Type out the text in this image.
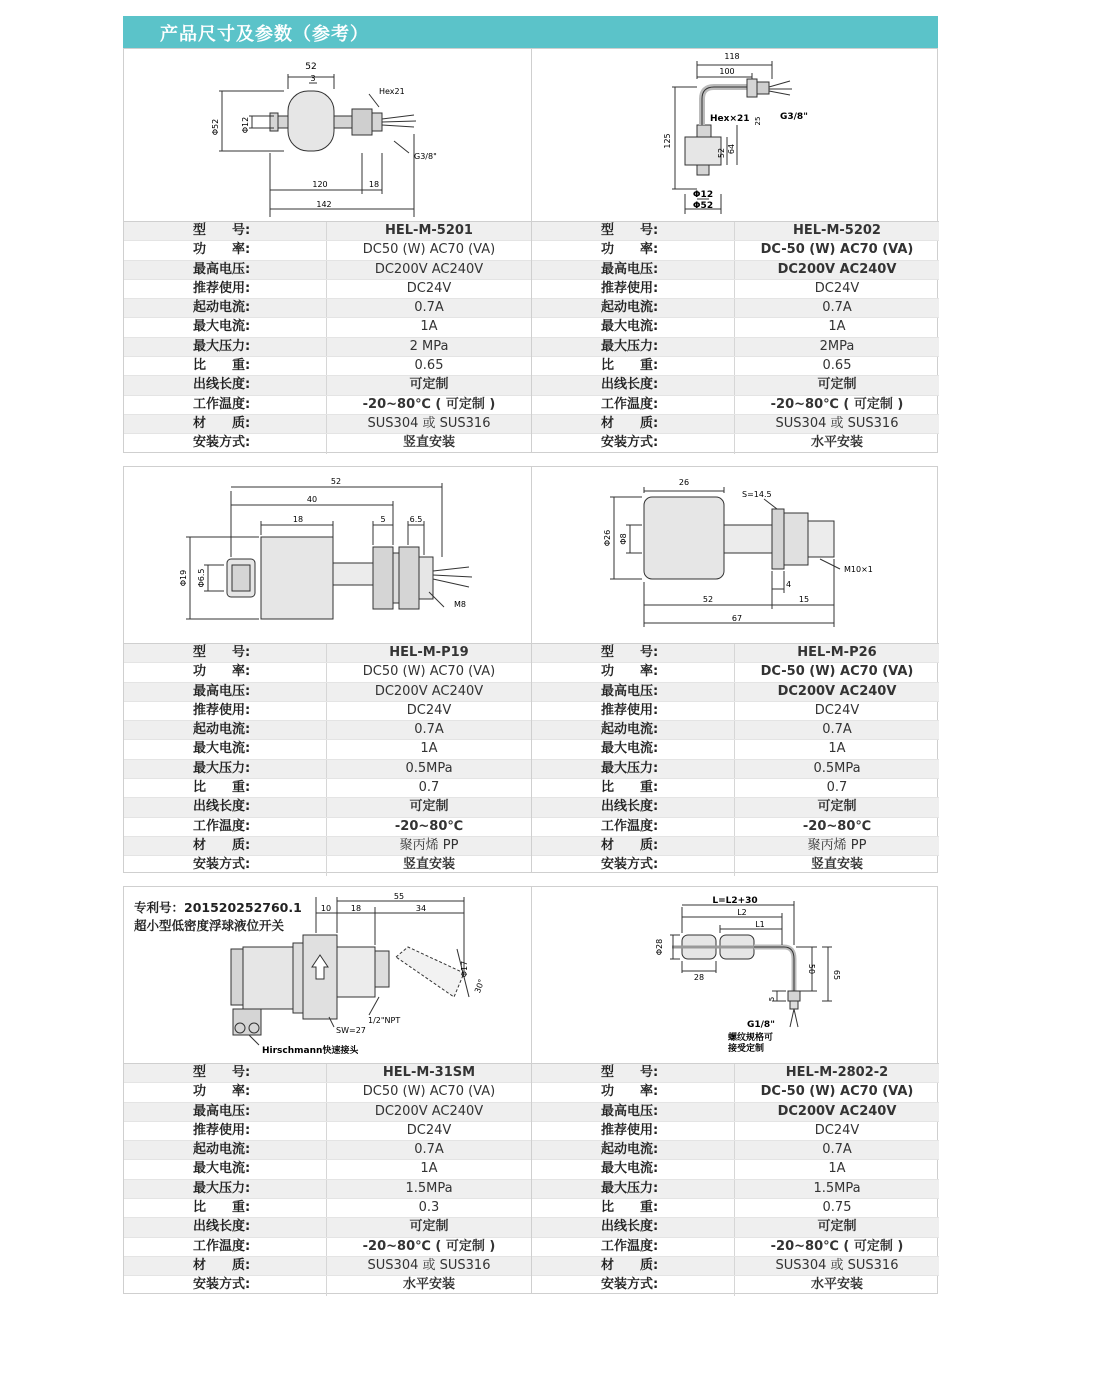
产品尺寸及参数（参考）
52
3
Hex21
Φ52	Φ12
G3/8"
120	18
142
型　　号:	HEL-M-5201
功　　率:	DC50 (W) AC70 (VA)
最高电压:	DC200V AC240V
推荐使用:	DC24V
起动电流:	0.7A
最大电流:	1A
最大压力:	2 MPa
比　　重:	0.65
出线长度:	可定制
工作温度:	-20~80℃ ( 可定制 )
材　　质:	SUS304 或 SUS316
安装方式:	竖直安装
118
100
Hex×21	G3/8"
125
52 64
25
Φ12
Φ52
型　　号:	HEL-M-5202
功　　率:	DC-50 (W) AC70 (VA)
最高电压:	DC200V AC240V
推荐使用:	DC24V
起动电流:	0.7A
最大电流:	1A
最大压力:	2MPa
比　　重:	0.65
出线长度:	可定制
工作温度:	-20~80℃ ( 可定制 )
材　　质:	SUS304 或 SUS316
安装方式:	水平安装
52
40
18	5	6.5
Φ19 Φ6.5
M8
型　　号:	HEL-M-P19
功　　率:	DC50 (W) AC70 (VA)
最高电压:	DC200V AC240V
推荐使用:	DC24V
起动电流:	0.7A
最大电流:	1A
最大压力:	0.5MPa
比　　重:	0.7
出线长度:	可定制
工作温度:	-20~80℃
材　　质:	聚丙烯 PP
安装方式:	竖直安装
26
S=14.5
Φ26 Φ8
M10×1
4
52	15
67
型　　号:	HEL-M-P26
功　　率:	DC-50 (W) AC70 (VA)
最高电压:	DC200V AC240V
推荐使用:	DC24V
起动电流:	0.7A
最大电流:	1A
最大压力:	0.5MPa
比　　重:	0.7
出线长度:	可定制
工作温度:	-20~80℃
材　　质:	聚丙烯 PP
安装方式:	竖直安装
专利号：201520252760.1
超小型低密度浮球液位开关
55
10 18	34
Φ17
30°
1/2"NPT
SW=27
Hirschmann快速接头
型　　号:	HEL-M-31SM
功　　率:	DC50 (W) AC70 (VA)
最高电压:	DC200V AC240V
推荐使用:	DC24V
起动电流:	0.7A
最大电流:	1A
最大压力:	1.5MPa
比　　重:	0.3
出线长度:	可定制
工作温度:	-20~80℃ ( 可定制 )
材　　质:	SUS304 或 SUS316
安装方式:	水平安装
L=L2+30
L2
L1
Φ28
28
50
65
5
G1/8"
螺纹规格可
接受定制
型　　号:	HEL-M-2802-2
功　　率:	DC-50 (W) AC70 (VA)
最高电压:	DC200V AC240V
推荐使用:	DC24V
起动电流:	0.7A
最大电流:	1A
最大压力:	1.5MPa
比　　重:	0.75
出线长度:	可定制
工作温度:	-20~80℃ ( 可定制 )
材　　质:	SUS304 或 SUS316
安装方式:	水平安装
